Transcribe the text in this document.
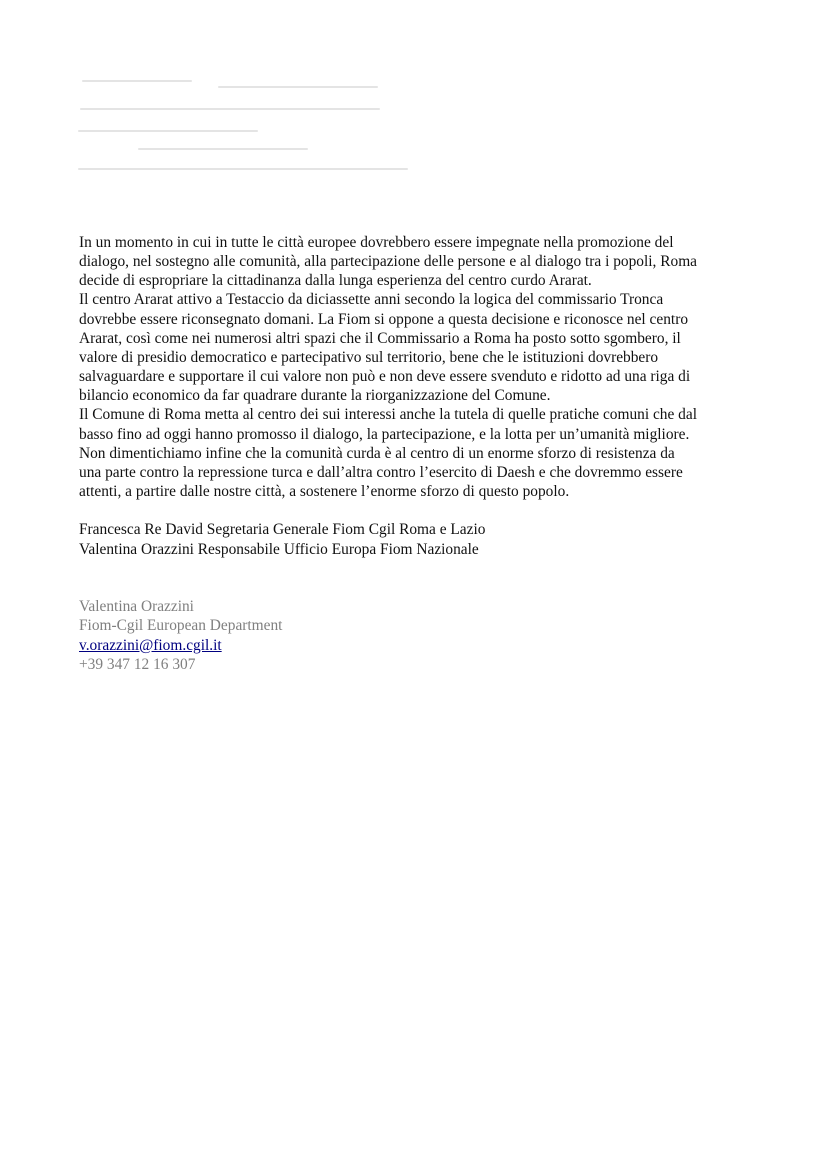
In un momento in cui in tutte le città europee dovrebbero essere impegnate nella promozione del
dialogo, nel sostegno alle comunità, alla partecipazione delle persone e al dialogo tra i popoli, Roma
decide di espropriare la cittadinanza dalla lunga esperienza del centro curdo Ararat.
Il centro Ararat attivo a Testaccio da diciassette anni secondo la logica del commissario Tronca
dovrebbe essere riconsegnato domani. La Fiom si oppone a questa decisione e riconosce nel centro
Ararat, così come nei numerosi altri spazi che il Commissario a Roma ha posto sotto sgombero, il
valore di presidio democratico e partecipativo sul territorio, bene che le istituzioni dovrebbero
salvaguardare e supportare il cui valore non può e non deve essere svenduto e ridotto ad una riga di
bilancio economico da far quadrare durante la riorganizzazione del Comune.
Il Comune di Roma metta al centro dei sui interessi anche la tutela di quelle pratiche comuni che dal
basso fino ad oggi hanno promosso il dialogo, la partecipazione, e la lotta per un’umanità migliore.
Non dimentichiamo infine che la comunità curda è al centro di un enorme sforzo di resistenza da
una parte contro la repressione turca e dall’altra contro l’esercito di Daesh e che dovremmo essere
attenti, a partire dalle nostre città, a sostenere l’enorme sforzo di questo popolo.
Francesca Re David Segretaria Generale Fiom Cgil Roma e Lazio
Valentina Orazzini Responsabile Ufficio Europa Fiom Nazionale
Valentina Orazzini
Fiom-Cgil European Department
v.orazzini@fiom.cgil.it
+39 347 12 16 307
